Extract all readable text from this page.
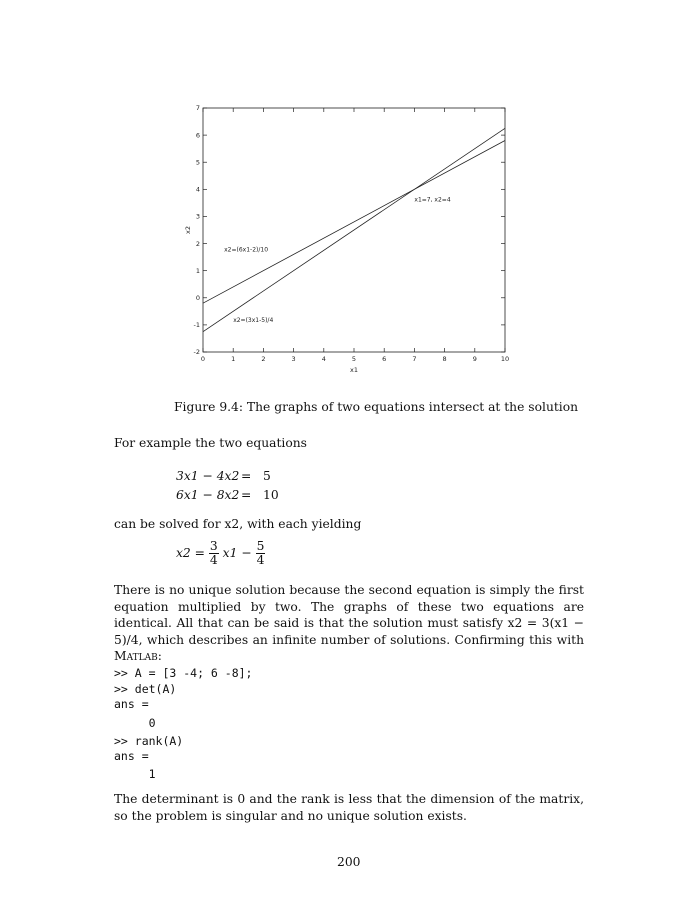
0	1	2	3	4	5	6	7	8	9	10
-2
-1
0
1
2
3
4
5
6
7
x1
x2
x1=7, x2=4
x2=(6x1-2)/10
x2=(3x1-5)/4
Figure 9.4: The graphs of two equations intersect at the solution
For example the two equations
3x1 − 4x2 = 5
6x1 − 8x2 = 10
can be solved for x2, with each yielding
$x2 = \frac{3}{4} x1 - \frac{5}{4}$
There is no unique solution because the second equation is simply the first equation multiplied by two. The graphs of these two equations are identical. All that can be said is that the solution must satisfy x2 = 3(x1 − 5)/4, which describes an infinite number of solutions. Confirming this with Matlab:
>> A = [3 -4; 6 -8];
>> det(A)
ans =
0
>> rank(A)
ans =
1
The determinant is 0 and the rank is less that the dimension of the matrix, so the problem is singular and no unique solution exists.
200
